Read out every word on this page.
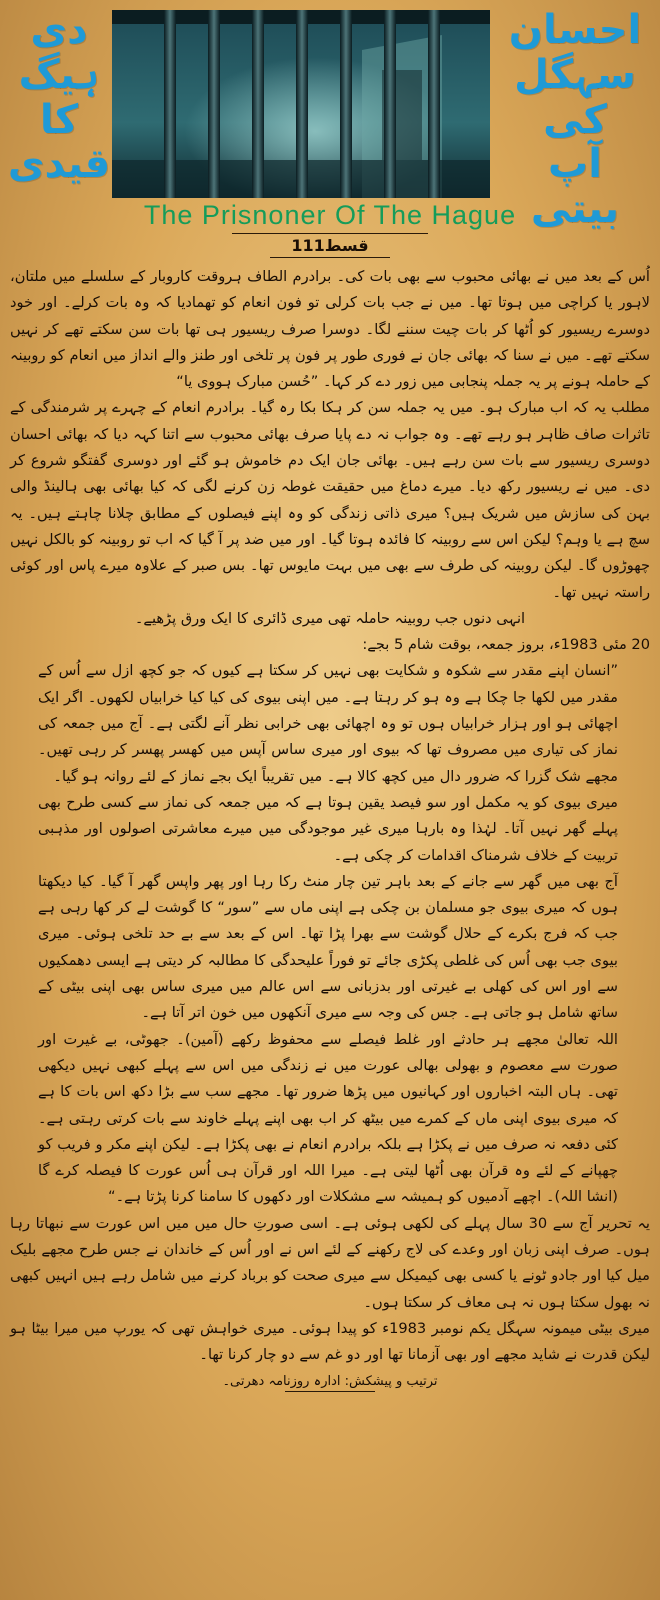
احسان سہگل
کی
آپ بیتی
دی ہیگ
کا
قیدی
The Prisnoner Of The Hague
قسط111

اُس کے بعد میں نے بھائی محبوب سے بھی بات کی۔ برادرم الطاف ہروقت کاروبار کے سلسلے میں ملتان، لاہور یا کراچی میں ہوتا تھا۔ میں نے جب بات کرلی تو فون انعام کو تھمادیا کہ وہ بات کرلے۔ اور خود دوسرے ریسیور کو اُٹھا کر بات چیت سننے لگا۔ دوسرا صرف ریسیور ہی تھا بات سن سکتے تھے کر نہیں سکتے تھے۔ میں نے سنا کہ بھائی جان نے فوری طور پر فون پر تلخی اور طنز والے انداز میں انعام کو روبینہ کے حاملہ ہونے پر یہ جملہ پنجابی میں زور دے کر کہا۔ ”حُسن مبارک ہووی یا“

مطلب یہ کہ اب مبارک ہو۔ میں یہ جملہ سن کر ہکا بکا رہ گیا۔ برادرم انعام کے چہرے پر شرمندگی کے تاثرات صاف ظاہر ہو رہے تھے۔ وہ جواب نہ دے پایا صرف بھائی محبوب سے اتنا کہہ دیا کہ بھائی احسان دوسری ریسیور سے بات سن رہے ہیں۔ بھائی جان ایک دم خاموش ہو گئے اور دوسری گفتگو شروع کر دی۔ میں نے ریسیور رکھ دیا۔ میرے دماغ میں حقیقت غوطہ زن کرنے لگی کہ کیا بھائی بھی ہالینڈ والی بہن کی سازش میں شریک ہیں؟ میری ذاتی زندگی کو وہ اپنے فیصلوں کے مطابق چلانا چاہتے ہیں۔ یہ سچ ہے یا وہم؟ لیکن اس سے روبینہ کا فائدہ ہوتا گیا۔ اور میں ضد پر آ گیا کہ اب تو روبینہ کو بالکل نہیں چھوڑوں گا۔ لیکن روبینہ کی طرف سے بھی میں بہت مایوس تھا۔ بس صبر کے علاوہ میرے پاس اور کوئی راستہ نہیں تھا۔

انہی دنوں جب روبینہ حاملہ تھی میری ڈائری کا ایک ورق پڑھیے۔

20 مئی 1983ء، بروز جمعہ، بوقت شام 5 بجے:

”انسان اپنے مقدر سے شکوہ و شکایت بھی نہیں کر سکتا ہے کیوں کہ جو کچھ ازل سے اُس کے مقدر میں لکھا جا چکا ہے وہ ہو کر رہتا ہے۔ میں اپنی بیوی کی کیا کیا خرابیاں لکھوں۔ اگر ایک اچھائی ہو اور ہزار خرابیاں ہوں تو وہ اچھائی بھی خرابی نظر آنے لگتی ہے۔ آج میں جمعہ کی نماز کی تیاری میں مصروف تھا کہ بیوی اور میری ساس آپس میں کھسر پھسر کر رہی تھیں۔ مجھے شک گزرا کہ ضرور دال میں کچھ کالا ہے۔ میں تقریباً ایک بجے نماز کے لئے روانہ ہو گیا۔

میری بیوی کو یہ مکمل اور سو فیصد یقین ہوتا ہے کہ میں جمعہ کی نماز سے کسی طرح بھی پہلے گھر نہیں آتا۔ لہٰذا وہ بارہا میری غیر موجودگی میں میرے معاشرتی اصولوں اور مذہبی تربیت کے خلاف شرمناک اقدامات کر چکی ہے۔

آج بھی میں گھر سے جانے کے بعد باہر تین چار منٹ رکا رہا اور پھر واپس گھر آ گیا۔ کیا دیکھتا ہوں کہ میری بیوی جو مسلمان بن چکی ہے اپنی ماں سے ”سور“ کا گوشت لے کر کھا رہی ہے جب کہ فرج بکرے کے حلال گوشت سے بھرا پڑا تھا۔ اس کے بعد سے بے حد تلخی ہوئی۔ میری بیوی جب بھی اُس کی غلطی پکڑی جائے تو فوراً علیحدگی کا مطالبہ کر دیتی ہے ایسی دھمکیوں سے اور اس کی کھلی بے غیرتی اور بدزبانی سے اس عالم میں میری ساس بھی اپنی بیٹی کے ساتھ شامل ہو جاتی ہے۔ جس کی وجہ سے میری آنکھوں میں خون اتر آتا ہے۔

اللہ تعالیٰ مجھے ہر حادثے اور غلط فیصلے سے محفوظ رکھے (آمین)۔ جھوٹی، بے غیرت اور صورت سے معصوم و بھولی بھالی عورت میں نے زندگی میں اس سے پہلے کبھی نہیں دیکھی تھی۔ ہاں البتہ اخباروں اور کہانیوں میں پڑھا ضرور تھا۔ مجھے سب سے بڑا دکھ اس بات کا ہے کہ میری بیوی اپنی ماں کے کمرے میں بیٹھ کر اب بھی اپنے پہلے خاوند سے بات کرتی رہتی ہے۔ کئی دفعہ نہ صرف میں نے پکڑا ہے بلکہ برادرم انعام نے بھی پکڑا ہے۔ لیکن اپنے مکر و فریب کو چھپانے کے لئے وہ قرآن بھی اُٹھا لیتی ہے۔ میرا اللہ اور قرآن ہی اُس عورت کا فیصلہ کرے گا (انشا اللہ)۔ اچھے آدمیوں کو ہمیشہ سے مشکلات اور دکھوں کا سامنا کرنا پڑتا ہے۔“

یہ تحریر آج سے 30 سال پہلے کی لکھی ہوئی ہے۔ اسی صورتِ حال میں میں اس عورت سے نبھاتا رہا ہوں۔ صرف اپنی زبان اور وعدے کی لاج رکھنے کے لئے اس نے اور اُس کے خاندان نے جس طرح مجھے بلیک میل کیا اور جادو ٹونے یا کسی بھی کیمیکل سے میری صحت کو برباد کرنے میں شامل رہے ہیں انہیں کبھی نہ بھول سکتا ہوں نہ ہی معاف کر سکتا ہوں۔

میری بیٹی میمونہ سہگل یکم نومبر 1983ء کو پیدا ہوئی۔ میری خواہش تھی کہ یورپ میں میرا بیٹا ہو لیکن قدرت نے شاید مجھے اور بھی آزمانا تھا اور دو غم سے دو چار کرنا تھا۔

ترتیب و پیشکش: ادارہ روزنامہ دھرتی۔
